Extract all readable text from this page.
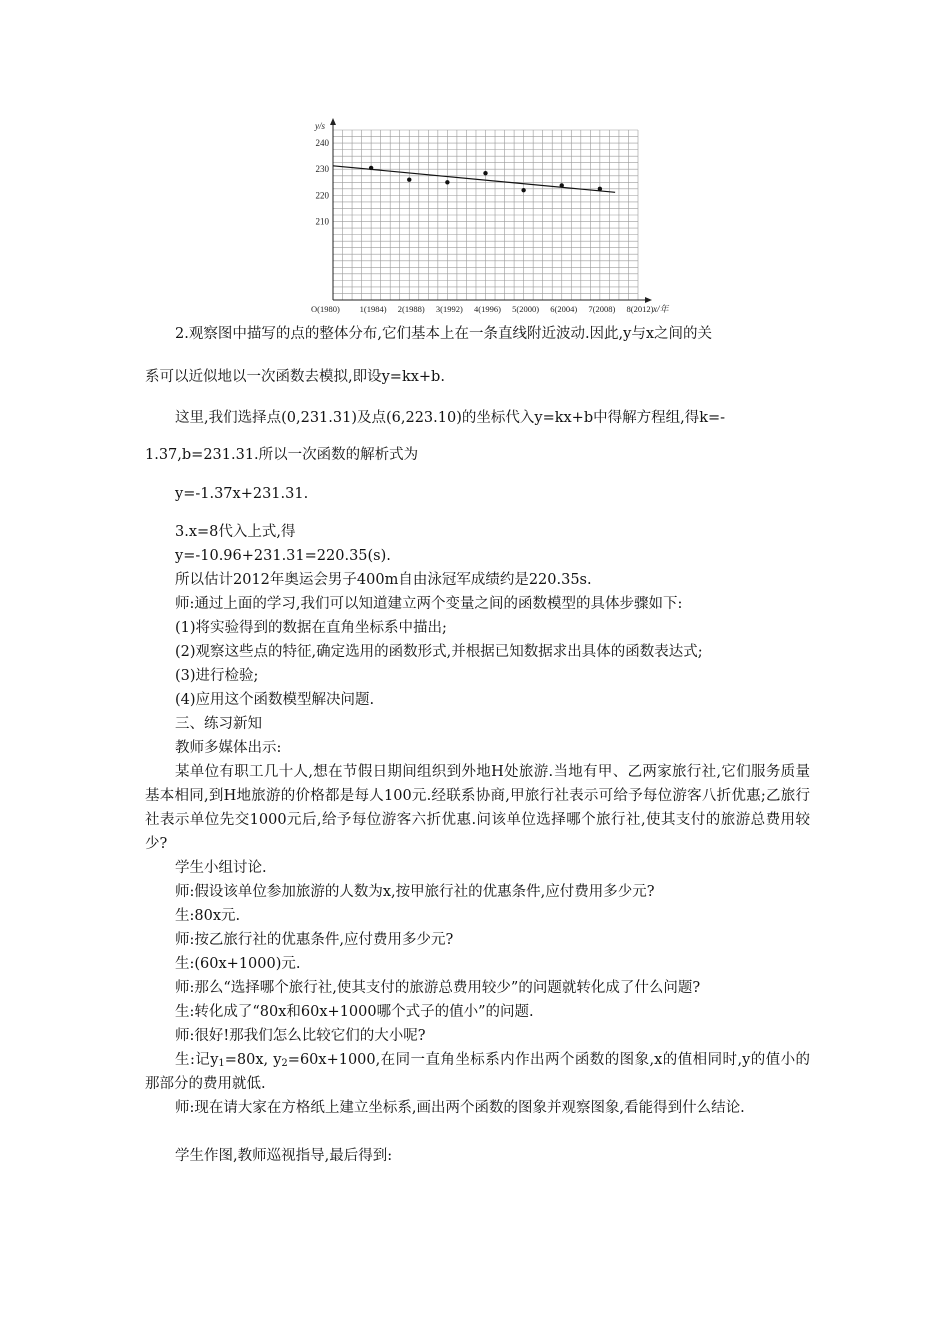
240
230
220
210
y/s
O(1980) 1(1984) 2(1988) 3(1992) 4(1996) 5(2000) 6(2004) 7(2008) 8(2012) x/年
2.观察图中描写的点的整体分布,它们基本上在一条直线附近波动.因此,y与x之间的关
系可以近似地以一次函数去模拟,即设y=kx+b.
这里,我们选择点(0,231.31)及点(6,223.10)的坐标代入y=kx+b中得解方程组,得k=-
1.37,b=231.31.所以一次函数的解析式为
y=-1.37x+231.31.
3.x=8代入上式,得
y=-10.96+231.31=220.35(s).
所以估计2012年奥运会男子400m自由泳冠军成绩约是220.35s.
师:通过上面的学习,我们可以知道建立两个变量之间的函数模型的具体步骤如下:
(1)将实验得到的数据在直角坐标系中描出;
(2)观察这些点的特征,确定选用的函数形式,并根据已知数据求出具体的函数表达式;
(3)进行检验;
(4)应用这个函数模型解决问题.
三、练习新知
教师多媒体出示:
某单位有职工几十人,想在节假日期间组织到外地H处旅游.当地有甲、乙两家旅行社,它们服务质量基本相同,到H地旅游的价格都是每人100元.经联系协商,甲旅行社表示可给予每位游客八折优惠;乙旅行社表示单位先交1000元后,给予每位游客六折优惠.问该单位选择哪个旅行社,使其支付的旅游总费用较少?
学生小组讨论.
师:假设该单位参加旅游的人数为x,按甲旅行社的优惠条件,应付费用多少元?
生:80x元.
师:按乙旅行社的优惠条件,应付费用多少元?
生:(60x+1000)元.
师:那么“选择哪个旅行社,使其支付的旅游总费用较少”的问题就转化成了什么问题?
生:转化成了“80x和60x+1000哪个式子的值小”的问题.
师:很好!那我们怎么比较它们的大小呢?
生:记$y_1=80x$, $y_2=60x+1000$,在同一直角坐标系内作出两个函数的图象,x的值相同时,y的值小的那部分的费用就低.
师:现在请大家在方格纸上建立坐标系,画出两个函数的图象并观察图象,看能得到什么结论.
学生作图,教师巡视指导,最后得到:
